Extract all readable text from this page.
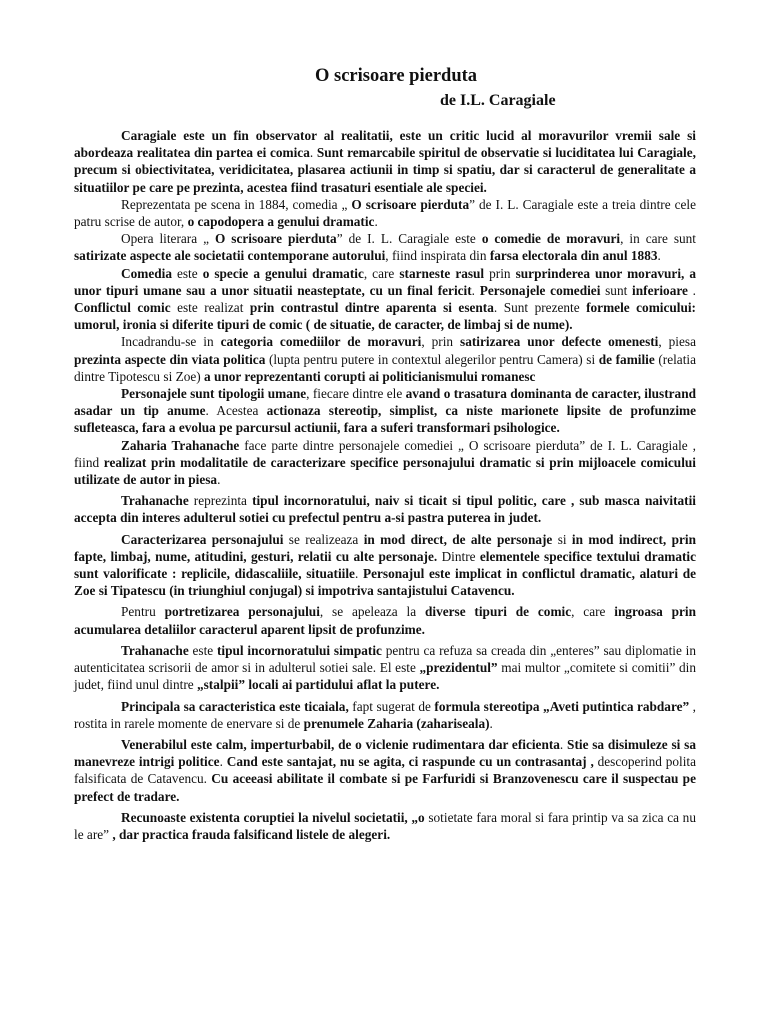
O scrisoare pierduta
de I.L. Caragiale

Caragiale este un fin observator al realitatii, este un critic lucid al moravurilor vremii sale si abordeaza realitatea din partea ei comica. Sunt remarcabile spiritul de observatie si luciditatea lui Caragiale, precum si obiectivitatea, veridicitatea, plasarea actiunii in timp si spatiu, dar si caracterul de generalitate a situatiilor pe care pe prezinta, acestea fiind trasaturi esentiale ale speciei.

Reprezentata pe scena in 1884, comedia „ O scrisoare pierduta” de I. L. Caragiale este a treia dintre cele patru scrise de autor, o capodopera a genului dramatic.

Opera literara „ O scrisoare pierduta” de I. L. Caragiale este o comedie de moravuri, in care sunt satirizate aspecte ale societatii contemporane autorului, fiind inspirata din farsa electorala din anul 1883.

Comedia este o specie a genului dramatic, care starneste rasul prin surprinderea unor moravuri, a unor tipuri umane sau a unor situatii neasteptate, cu un final fericit. Personajele comediei sunt inferioare . Conflictul comic este realizat prin contrastul dintre aparenta si esenta. Sunt prezente formele comicului: umorul, ironia si diferite tipuri de comic ( de situatie, de caracter, de limbaj si de nume).

Incadrandu-se in categoria comediilor de moravuri, prin satirizarea unor defecte omenesti, piesa prezinta aspecte din viata politica (lupta pentru putere in contextul alegerilor pentru Camera) si de familie (relatia dintre Tipotescu si Zoe) a unor reprezentanti corupti ai politicianismului romanesc

Personajele sunt tipologii umane, fiecare dintre ele avand o trasatura dominanta de caracter, ilustrand asadar un tip anume. Acestea actionaza stereotip, simplist, ca niste marionete lipsite de profunzime sufleteasca, fara a evolua pe parcursul actiunii, fara a suferi transformari psihologice.

Zaharia Trahanache face parte dintre personajele comediei „ O scrisoare pierduta” de I. L. Caragiale , fiind realizat prin modalitatile de caracterizare specifice personajului dramatic si prin mijloacele comicului utilizate de autor in piesa.

Trahanache reprezinta tipul incornoratului, naiv si ticait si tipul politic, care , sub masca naivitatii accepta din interes adulterul sotiei cu prefectul pentru a-si pastra puterea in judet.

Caracterizarea personajului se realizeaza in mod direct, de alte personaje si in mod indirect, prin fapte, limbaj, nume, atitudini, gesturi, relatii cu alte personaje. Dintre elementele specifice textului dramatic sunt valorificate : replicile, didascaliile, situatiile. Personajul este implicat in conflictul dramatic, alaturi de Zoe si Tipatescu (in triunghiul conjugal) si impotriva santajistului Catavencu.

Pentru portretizarea personajului, se apeleaza la diverse tipuri de comic, care ingroasa prin acumularea detaliilor caracterul aparent lipsit de profunzime.

Trahanache este tipul incornoratului simpatic pentru ca refuza sa creada din „enteres” sau diplomatie in autenticitatea scrisorii de amor si in adulterul sotiei sale. El este „prezidentul” mai multor „comitete si comitii” din judet, fiind unul dintre „stalpii” locali ai partidului aflat la putere.

Principala sa caracteristica este ticaiala, fapt sugerat de formula stereotipa „Aveti putintica rabdare” , rostita in rarele momente de enervare si de prenumele Zaharia (zahariseala).

Venerabilul este calm, imperturbabil, de o viclenie rudimentara dar eficienta. Stie sa disimuleze si sa manevreze intrigi politice. Cand este santajat, nu se agita, ci raspunde cu un contrasantaj , descoperind polita falsificata de Catavencu. Cu aceeasi abilitate il combate si pe Farfuridi si Branzovenescu care il suspectau pe prefect de tradare.

Recunoaste existenta coruptiei la nivelul societatii, „o sotietate fara moral si fara printip va sa zica ca nu le are” , dar practica frauda falsificand listele de alegeri.
